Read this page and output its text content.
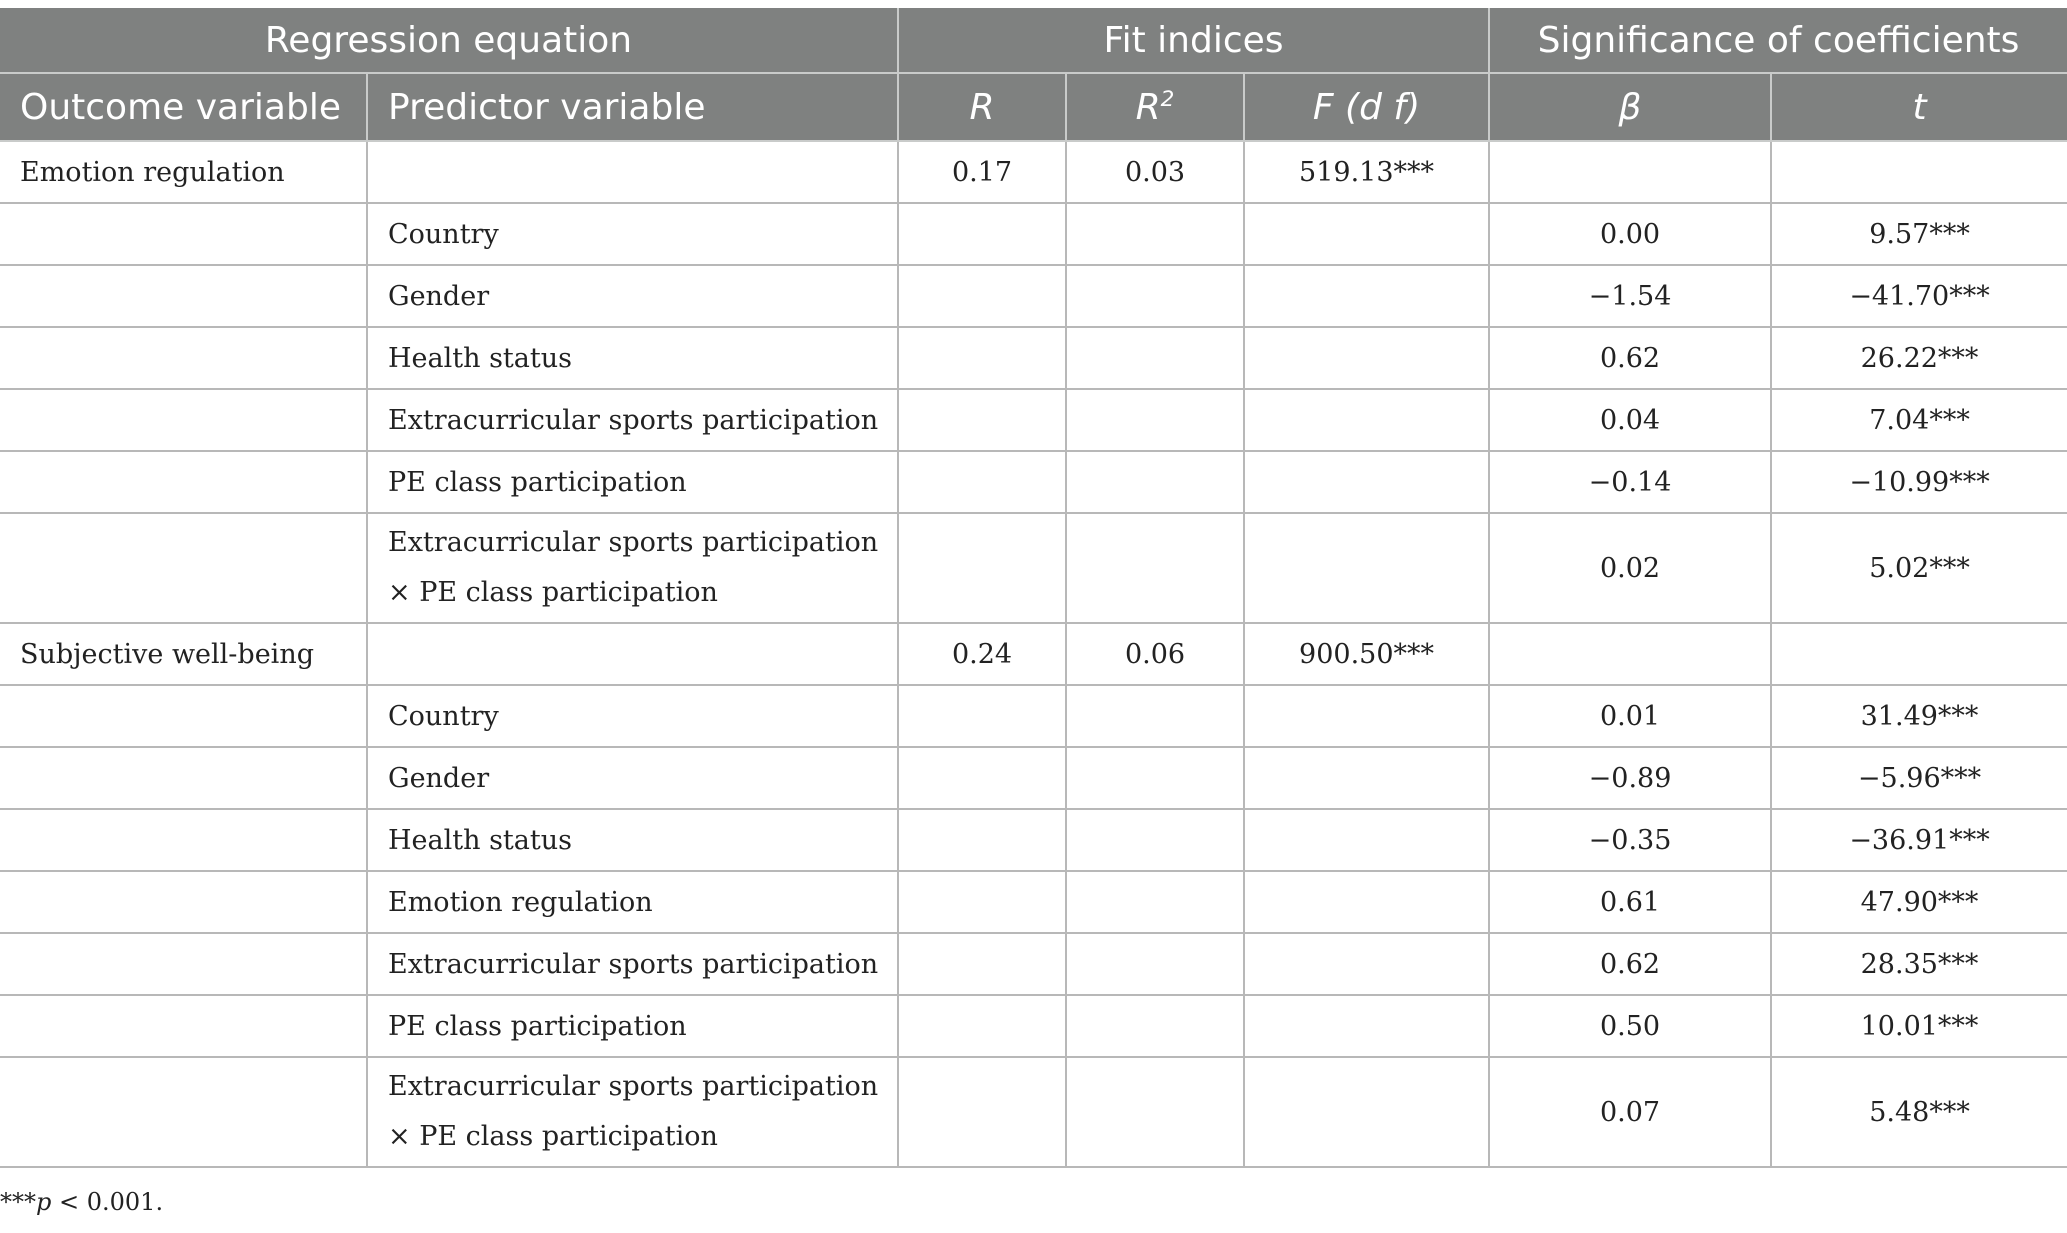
Regression equation		Fit indices			Significance of coefficients	
Outcome variable	Predictor variable	R	$R^2$	F (d f)	β	t
Emotion regulation		0.17	0.03	519.13***		
	Country				0.00	9.57***
	Gender				−1.54	−41.70***
	Health status				0.62	26.22***
	Extracurricular sports participation				0.04	7.04***
	PE class participation				−0.14	−10.99***
	Extracurricular sports participation × PE class participation				0.02	5.02***
Subjective well-being		0.24	0.06	900.50***		
	Country				0.01	31.49***
	Gender				−0.89	−5.96***
	Health status				−0.35	−36.91***
	Emotion regulation				0.61	47.90***
	Extracurricular sports participation				0.62	28.35***
	PE class participation				0.50	10.01***
	Extracurricular sports participation × PE class participation				0.07	5.48***
***p < 0.001.
